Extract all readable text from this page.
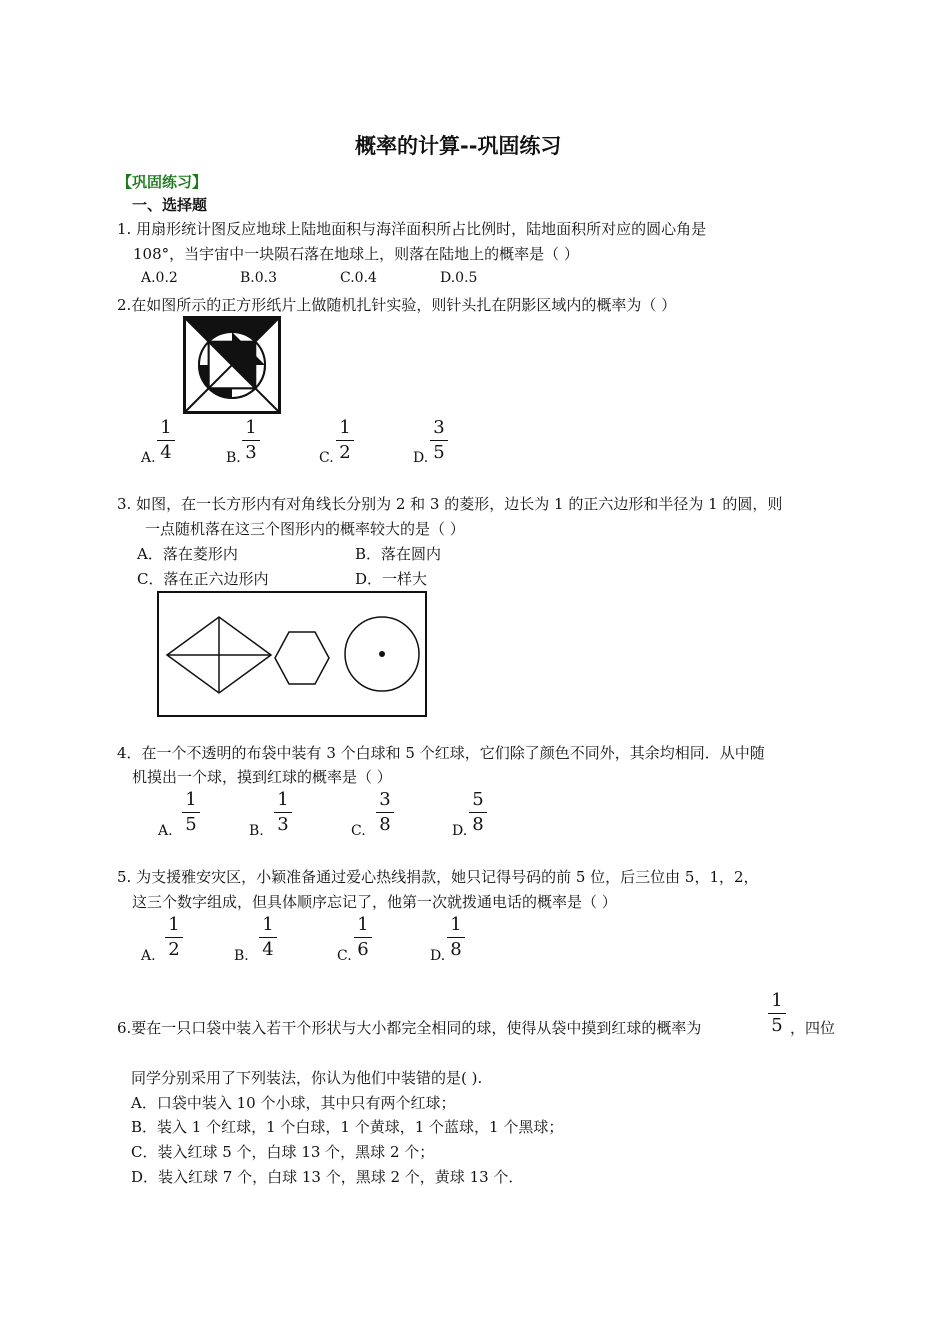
概率的计算--巩固练习
【巩固练习】
一、选择题
1. 用扇形统计图反应地球上陆地面积与海洋面积所占比例时，陆地面积所对应的圆心角是
108°，当宇宙中一块陨石落在地球上，则落在陆地上的概率是（ ）
A.0.2	B.0.3	C.0.4	D.0.5
2.在如图所示的正方形纸片上做随机扎针实验，则针头扎在阴影区域内的概率为（ ）
A.
1
4	B.
1
3	C.
1
2	D.
3
5
3. 如图，在一长方形内有对角线长分别为 2 和 3 的菱形，边长为 1 的正六边形和半径为 1 的圆，则
一点随机落在这三个图形内的概率较大的是（ ）
A．落在菱形内	B．落在圆内
C．落在正六边形内	D．一样大
4．在一个不透明的布袋中装有 3 个白球和 5 个红球，它们除了颜色不同外，其余均相同．从中随
机摸出一个球，摸到红球的概率是（ ）
A.
1
5	B.
1
3	C.
3
8	D.
5
8
5. 为支援雅安灾区，小颖准备通过爱心热线捐款，她只记得号码的前 5 位，后三位由 5，1，2，
这三个数字组成，但具体顺序忘记了，他第一次就拨通电话的概率是（ ）
A.
1
2	B.
1
4	C.
1
6	D.
1
8
6.要在一只口袋中装入若干个形状与大小都完全相同的球，使得从袋中摸到红球的概率为
1
5 ，四位
同学分别采用了下列装法，你认为他们中装错的是( ).
A．口袋中装入 10 个小球，其中只有两个红球；
B．装入 1 个红球，1 个白球，1 个黄球，1 个蓝球，1 个黑球；
C．装入红球 5 个，白球 13 个，黑球 2 个；
D．装入红球 7 个，白球 13 个，黑球 2 个，黄球 13 个．
